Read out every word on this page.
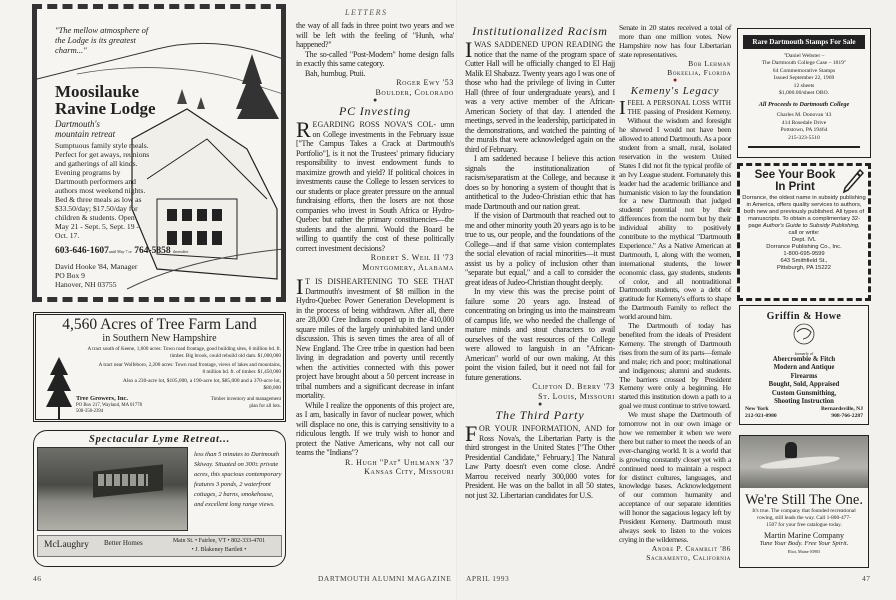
"The mellow atmosphere of the Lodge is its greatest charm..."
Moosilauke
Ravine Lodge
Dartmouth's mountain retreat
Sumptuous family style meals. Perfect for get aways, reunions and gatherings of all kinds. Evening programs by Dartmouth performers and authors most weekend nights. Bed & three meals as low as $33.50/day; $17.50/day for children & students. Open May 21 - Sept. 5, Sept. 19 - Oct. 17.
603-646-1607until May 7 or 764-5858 thereafter
David Hooke '84, Manager
PO Box 9
Hanover, NH 03755
4,560 Acres of Tree Farm Land
in Southern New Hampshire
A tract south of Keene, 1,600 acres: Town road frontage, good building sites, 6 million bd. ft. timber. Big brook, could rebuild old dam. $1,000,000
A tract near Wolfeboro, 2,200 acres: Town road frontage, views of lakes and mountains, 8 million bd. ft. of timber. $1,450,000
Also a 230-acre lot, $105,000, a 190-acre lot, $85,000 and a 370-acre lot, $80,000
Tree Growers, Inc.
PO Box 217, Wayland, MA 01778
508-358-2394
Timber inventory and management plan for all lots.
Spectacular Lyme Retreat...
less than 5 minutes to Dartmouth Skiway. Situated on 300± private acres, this spacious contemporary features 3 ponds, 2 waterfront cottages, 2 barns, smokehouse, and excellent long range views.
McLaughry Better Homes	Main St. • Fairlee, VT • 802-333-4701
• J. Blakeney Bartlett •
46
LETTERS

the way of all fads in three point two years and we will be left with the feeling of "Hunh, wha' happened?"

The so-called "Post-Modern" home design falls in exactly this same category.

Bah, humbug. Ptuii.

Roger Ewy '53
Boulder, Colorado
●
PC Investing

REGARDING ROSS NOVA'S COL- umn on College investments in the February issue ["The Campus Takes a Crack at Dartmouth's Portfolio"], is it not the Trustees' primary fiduciary responsibility to invest endowment funds to maximize growth and yield? If political choices in investments cause the College to lessen services to our students or place greater pressure on the annual fundraising efforts, then the losers are not those companies who invest in South Africa or Hydro-Quebec but rather the primary constituencies—the students and the alumni. Would the Board be willing to quantify the cost of these politically correct investment decisions?

Robert S. Weil II '73
Montgomery, Alabama

I T IS DISHEARTENING TO SEE THAT Dartmouth's investment of $8 million in the Hydro-Quebec Power Generation Development is in the process of being withdrawn. After all, there are 28,000 Cree Indians cooped up in the 410,000 square miles of the largely uninhabited land under discussion. This is seven times the area of all of New England. The Cree tribe in question had been living in degradation and poverty until recently when the activities connected with this power project have brought about a 50 percent increase in tribal numbers and a significant decrease in infant mortality.

While I realize the opponents of this project are, as I am, basically in favor of nuclear power, which will displace no one, this is carrying sensitivity to a ridiculous length. If we truly wish to honor and protect the Native Americans, why not call our teams the "Indians"?

R. Hugh "Pat" Uhlmann '37
Kansas City, Missouri
DARTMOUTH ALUMNI MAGAZINE
Institutionalized Racism

IWAS SADDENED UPON READING the notice that the name of the program space of Cutter Hall will be officially changed to El Hajj Malik El Shabazz. Twenty years ago I was one of those who had the privilege of living in Cutter Hall (three of four undergraduate years), and I was a very active member of the African-American Society of that day. I attended the meetings, served in the leadership, participated in the demonstrations, and watched the painting of the murals that were acknowledged again on the third of February.

I am saddened because I believe this action signals the institutionalization of racism/separatism at the College, and because it does so by honoring a system of thought that is antithetical to the Judeo-Christian ethic that has made Dartmouth and our nation great.

If the vision of Dartmouth that reached out to me and other minority youth 20 years ago is to be true to us, our people, and the foundations of the College—and if that same vision contemplates the social elevation of racial minorities—it must assist us by a policy of inclusion other than "separate but equal," and a call to consider the great ideas of Judeo-Christian thought deeply.

In my view this was the precise point of failure some 20 years ago. Instead of concentrating on bringing us into the mainstream of campus life, we who needed the challenge of mature minds and stout characters to avail ourselves of the vast resources of the College were allowed to languish in an "African-American" world of our own making. At this point the vision failed, but it need not fail for future generations.

Clifton D. Berry '73
St. Louis, Missouri
●
The Third Party

FOR YOUR INFORMATION, AND for Ross Nova's, the Libertarian Party is the third strongest in the United States ["The Other Presidential Candidate," February.] The Natural Law Party doesn't even come close. André Marrou received nearly 300,000 votes for President. He was on the ballot in all 50 states, not just 32. Libertarian candidates for U.S.

Senate in 20 states received a total of more than one million votes. New Hampshire now has four Libertarian state representatives.

Bob Lehman
Bokeelia, Florida
●
Kemeny's Legacy

IFEEL A PERSONAL LOSS WITH THE passing of President Kemeny. Without the wisdom and foresight he showed I would not have been allowed to attend Dartmouth. As a poor student from a small, rural, isolated reservation in the western United States I did not fit the typical profile of an Ivy League student. Fortunately this leader had the academic brilliance and humanistic vision to lay the foundation for a new Dartmouth that judged students' potential not by their differences from the norm but by their individual ability to positively contribute to the mythical "Dartmouth Experience." As a Native American at Dartmouth, I, along with the women, international students, the lower economic class, gay students, students of color, and all nontraditional Dartmouth students, owe a debt of gratitude for Kemeny's efforts to shape the Dartmouth Family to reflect the world around him.

The Dartmouth of today has benefited from the ideals of President Kemeny. The strength of Dartmouth rises from the sum of its parts—female and male; rich and poor; multinational and indigenous; alumni and students. The barriers crossed by President Kemeny were only a beginning. He started this institution down a path to a goal we must continue to strive toward.

We must shape the Dartmouth of tomorrow not in our own image or how we remember it when we were there but rather to meet the needs of an ever-changing world. It is a world that is growing constantly closer yet with a continued need to maintain a respect for distinct cultures, languages, and knowledge bases. Acknowledgement of our common humanity and acceptance of our separate identities will honor the sagacious legacy left by President Kemeny. Dartmouth must always seek to listen to the voices crying in the wilderness.

Andre P. Cramblit '86
Sacramento, California
APRIL 1993
Rare Dartmouth Stamps For Sale
"Daniel Webster –
The Dartmouth College Case – 1819"
64 Commemorative Stamps
Issued September 22, 1969
12 sheets
$1,000.00/sheet OBO.
All Proceeds to Dartmouth College
Charles M. Donovan '43
414 Rosedale Drive
Pottstown, PA 19464
215-323-5510
See Your Book
In Print
Dorrance, the oldest name in subsidy publishing in America, offers quality services to authors, both new and previously published. All types of manuscripts. To obtain a complimentary 32-page Author's Guide to Subsidy Publishing,
call or write:
Dept. IVL
Dorrance Publishing Co., Inc.
1-800-695-9599
643 Smithfield St.,
Pittsburgh, PA 15222
Griffin & Howe
formerly of
Abercrombie & Fitch
Modern and Antique
Firearms
Bought, Sold, Appraised
Custom Gunsmithing,
Shooting Instruction
New York
212-921-0980
Bernardsville, NJ
908-766-2287
We're Still The One.
It's true. The company that founded recreational rowing, still leads the way. Call 1-800-477-1507 for your free catalogue today.
Martin Marine Company
Tune Your Body. Free Your Spirit.
Eliot, Maine 03903
47
